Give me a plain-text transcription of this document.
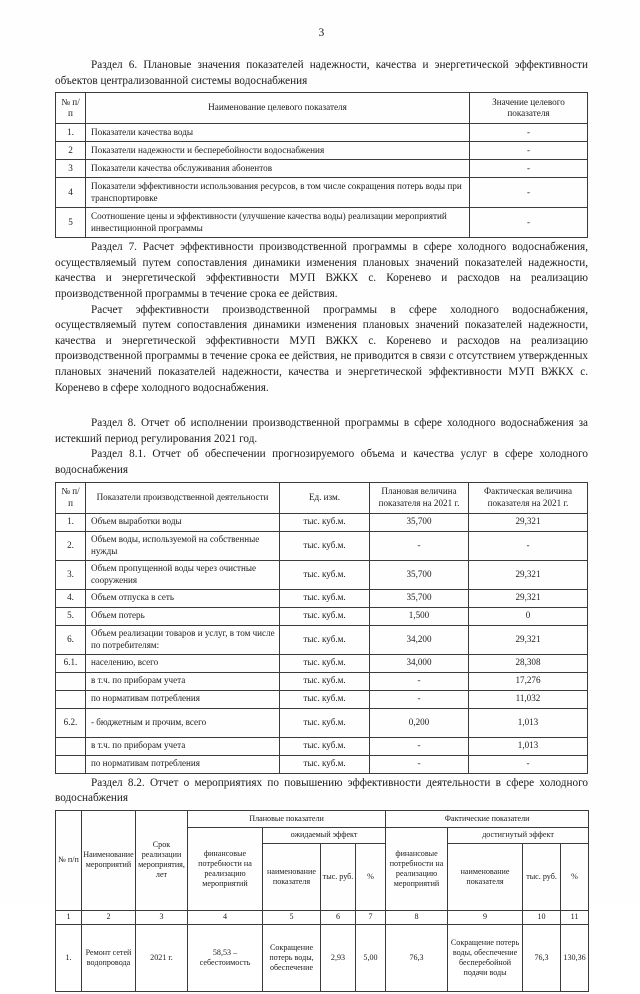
3

Раздел 6. Плановые значения показателей надежности, качества и энергетической эффективности объектов централизованной системы водоснабжения

№ п/п	Наименование целевого показателя	Значение целевого показателя
1.	Показатели качества воды	-
2	Показатели надежности и бесперебойности водоснабжения	-
3	Показатели качества обслуживания абонентов	-
4	Показатели эффективности использования ресурсов, в том числе сокращения потерь воды при транспортировке	-
5	Соотношение цены и эффективности (улучшение качества воды) реализации мероприятий инвестиционной программы	-

Раздел 7. Расчет эффективности производственной программы в сфере холодного водоснабжения, осуществляемый путем сопоставления динамики изменения плановых значений показателей надежности, качества и энергетической эффективности МУП ВЖКХ с. Коренево и расходов на реализацию производственной программы в течение срока ее действия.

Расчет эффективности производственной программы в сфере холодного водоснабжения, осуществляемый путем сопоставления динамики изменения плановых значений показателей надежности, качества и энергетической эффективности МУП ВЖКХ с. Коренево и расходов на реализацию производственной программы в течение срока ее действия, не приводится в связи с отсутствием утвержденных плановых значений показателей надежности, качества и энергетической эффективности МУП ВЖКХ с. Коренево в сфере холодного водоснабжения.

Раздел 8. Отчет об исполнении производственной программы в сфере холодного водоснабжения за истекший период регулирования 2021 год.

Раздел 8.1. Отчет об обеспечении прогнозируемого объема и качества услуг в сфере холодного водоснабжения

№ п/п	Показатели производственной деятельности	Ед. изм.	Плановая величина показателя на 2021 г.	Фактическая величина показателя на 2021 г.
1.	Объем выработки воды	тыс. куб.м.	35,700	29,321
2.	Объем воды, используемой на собственные нужды	тыс. куб.м.	-	-
3.	Объем пропущенной воды через очистные сооружения	тыс. куб.м.	35,700	29,321
4.	Объем отпуска в сеть	тыс. куб.м.	35,700	29,321
5.	Объем потерь	тыс. куб.м.	1,500	0
6.	Объем реализации товаров и услуг, в том числе по потребителям:	тыс. куб.м.	34,200	29,321
6.1.	населению, всего	тыс. куб.м.	34,000	28,308
	в т.ч. по приборам учета	тыс. куб.м.	-	17,276
	по нормативам потребления	тыс. куб.м.	-	11,032
6.2.	- бюджетным и прочим, всего	тыс. куб.м.	0,200	1,013
	в т.ч. по приборам учета	тыс. куб.м.	-	1,013
	по нормативам потребления	тыс. куб.м.	-	-

Раздел 8.2. Отчет о мероприятиях по повышению эффективности деятельности в сфере холодного водоснабжения

№ п/п	Наименование мероприятий	Срок реализации мероприятия, лет	Плановые показатели				Фактические показатели			
			финансовые потребности на реализацию мероприятий	ожидаемый эффект			финансовые потребности на реализацию мероприятий	достигнутый эффект		
				наименование показателя	тыс. руб.	%		наименование показателя	тыс. руб.	%
1	2	3	4	5	6	7	8	9	10	11
1.	Ремонт сетей водопровода	2021 г.	58,53 – себестоимость	Сокращение потерь воды, обеспечение	2,93	5,00	76,3	Сокращение потерь воды, обеспечение бесперебойной подачи воды	76,3	130,36
